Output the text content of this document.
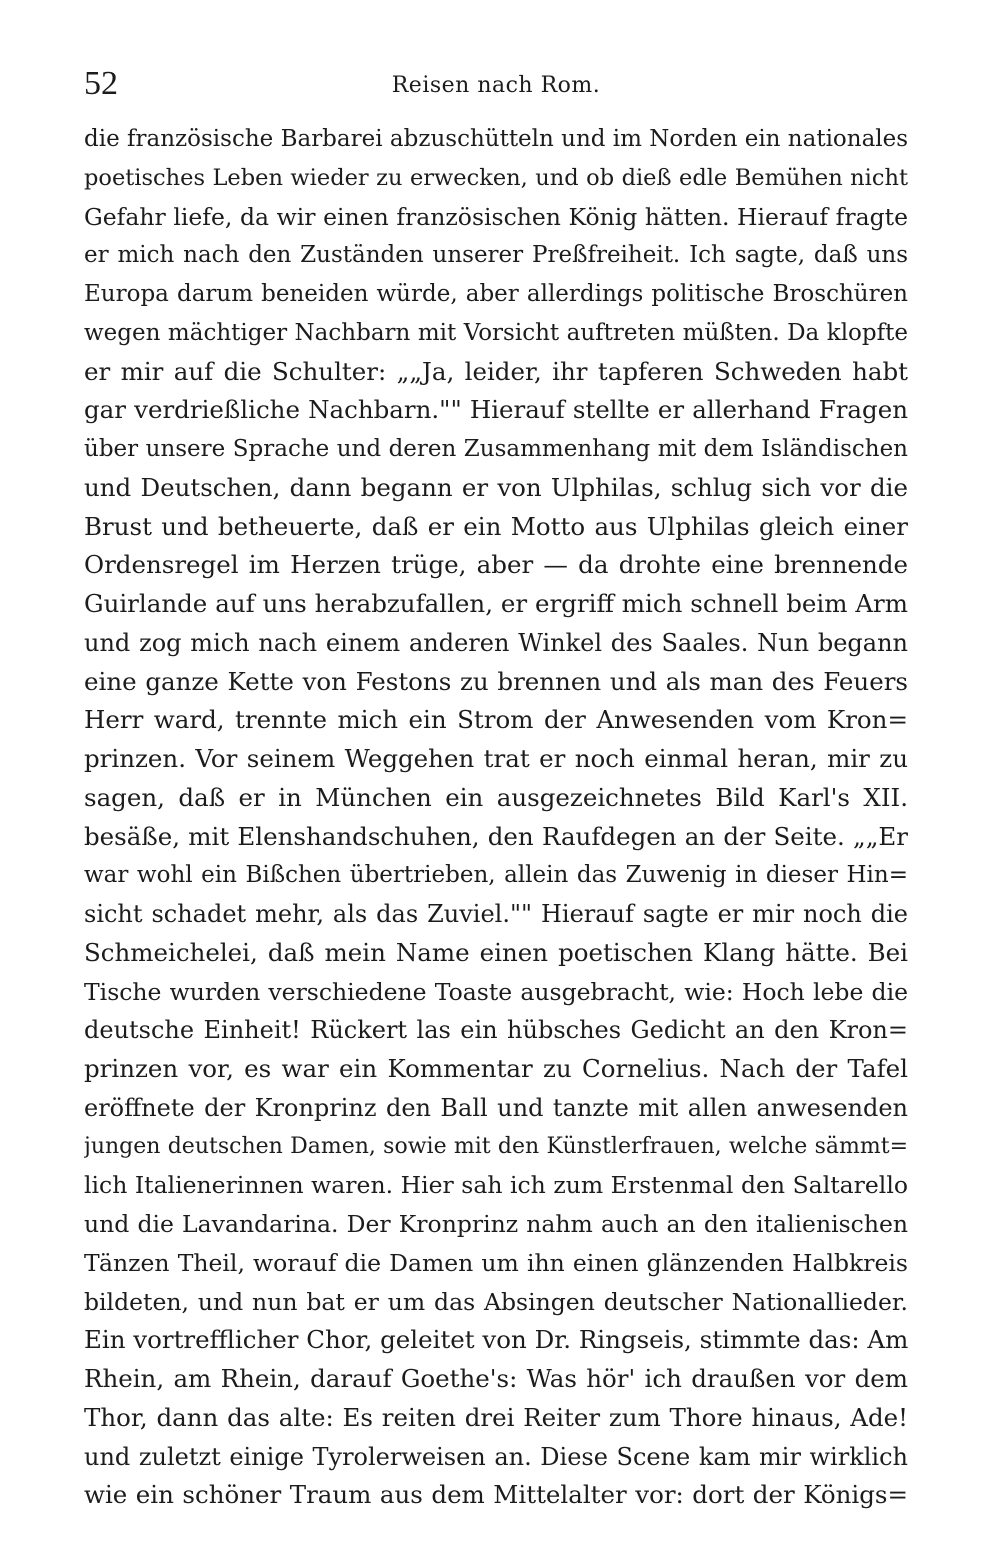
52	Reisen nach Rom.
die französische Barbarei abzuschütteln und im Norden ein nationales
poetisches Leben wieder zu erwecken, und ob dieß edle Bemühen nicht
Gefahr liefe, da wir einen französischen König hätten. Hierauf fragte
er mich nach den Zuständen unserer Preßfreiheit. Ich sagte, daß uns
Europa darum beneiden würde, aber allerdings politische Broschüren
wegen mächtiger Nachbarn mit Vorsicht auftreten müßten. Da klopfte
er mir auf die Schulter: „„Ja, leider, ihr tapferen Schweden habt
gar verdrießliche Nachbarn."" Hierauf stellte er allerhand Fragen
über unsere Sprache und deren Zusammenhang mit dem Isländischen
und Deutschen, dann begann er von Ulphilas, schlug sich vor die
Brust und betheuerte, daß er ein Motto aus Ulphilas gleich einer
Ordensregel im Herzen trüge, aber — da drohte eine brennende
Guirlande auf uns herabzufallen, er ergriff mich schnell beim Arm
und zog mich nach einem anderen Winkel des Saales. Nun begann
eine ganze Kette von Festons zu brennen und als man des Feuers
Herr ward, trennte mich ein Strom der Anwesenden vom Kron=
prinzen. Vor seinem Weggehen trat er noch einmal heran, mir zu
sagen, daß er in München ein ausgezeichnetes Bild Karl's XII.
besäße, mit Elenshandschuhen, den Raufdegen an der Seite. „„Er
war wohl ein Bißchen übertrieben, allein das Zuwenig in dieser Hin=
sicht schadet mehr, als das Zuviel."" Hierauf sagte er mir noch die
Schmeichelei, daß mein Name einen poetischen Klang hätte. Bei
Tische wurden verschiedene Toaste ausgebracht, wie: Hoch lebe die
deutsche Einheit! Rückert las ein hübsches Gedicht an den Kron=
prinzen vor, es war ein Kommentar zu Cornelius. Nach der Tafel
eröffnete der Kronprinz den Ball und tanzte mit allen anwesenden
jungen deutschen Damen, sowie mit den Künstlerfrauen, welche sämmt=
lich Italienerinnen waren. Hier sah ich zum Erstenmal den Saltarello
und die Lavandarina. Der Kronprinz nahm auch an den italienischen
Tänzen Theil, worauf die Damen um ihn einen glänzenden Halbkreis
bildeten, und nun bat er um das Absingen deutscher Nationallieder.
Ein vortrefflicher Chor, geleitet von Dr. Ringseis, stimmte das: Am
Rhein, am Rhein, darauf Goethe's: Was hör' ich draußen vor dem
Thor, dann das alte: Es reiten drei Reiter zum Thore hinaus, Ade!
und zuletzt einige Tyrolerweisen an. Diese Scene kam mir wirklich
wie ein schöner Traum aus dem Mittelalter vor: dort der Königs=
